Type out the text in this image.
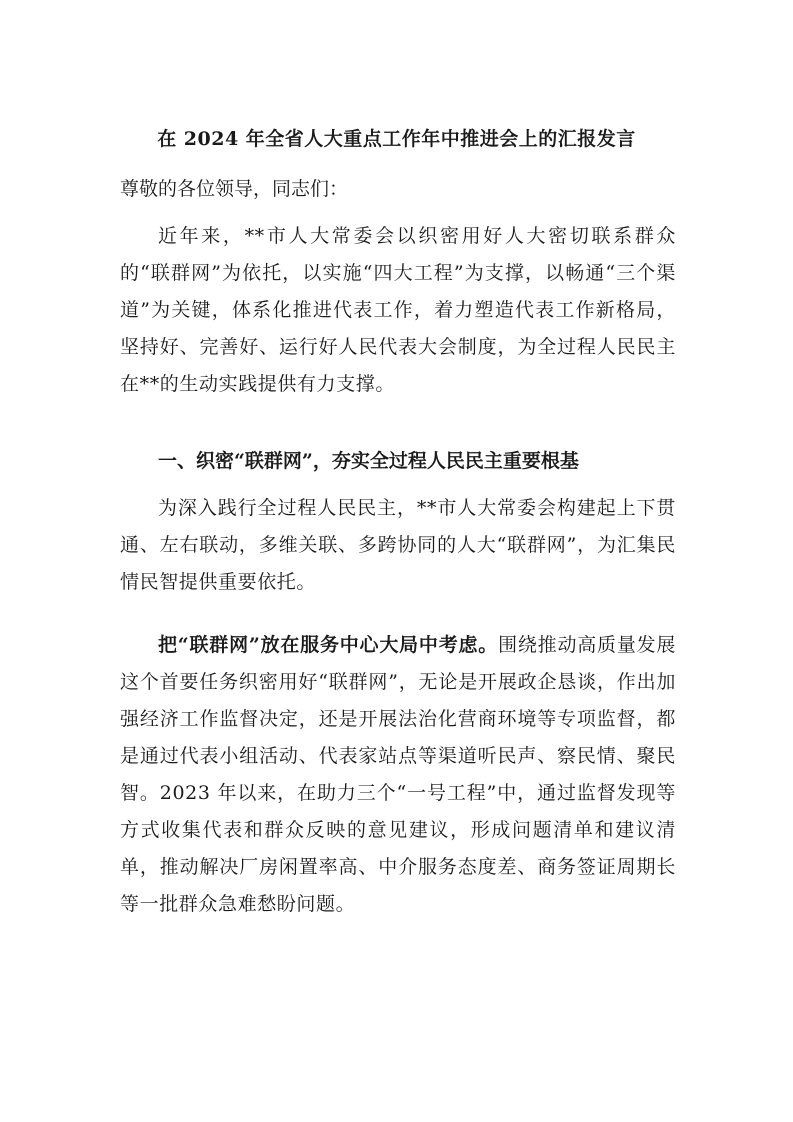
在 2024 年全省人大重点工作年中推进会上的汇报发言

尊敬的各位领导，同志们：

近年来，**市人大常委会以织密用好人大密切联系群众的“联群网”为依托，以实施“四大工程”为支撑，以畅通“三个渠道”为关键，体系化推进代表工作，着力塑造代表工作新格局，坚持好、完善好、运行好人民代表大会制度，为全过程人民民主在**的生动实践提供有力支撑。

一、织密“联群网”，夯实全过程人民民主重要根基

为深入践行全过程人民民主，**市人大常委会构建起上下贯通、左右联动，多维关联、多跨协同的人大“联群网”，为汇集民情民智提供重要依托。

把“联群网”放在服务中心大局中考虑。围绕推动高质量发展这个首要任务织密用好“联群网”，无论是开展政企恳谈，作出加强经济工作监督决定，还是开展法治化营商环境等专项监督，都是通过代表小组活动、代表家站点等渠道听民声、察民情、聚民智。2023 年以来，在助力三个“一号工程”中，通过监督发现等方式收集代表和群众反映的意见建议，形成问题清单和建议清单，推动解决厂房闲置率高、中介服务态度差、商务签证周期长等一批群众急难愁盼问题。
